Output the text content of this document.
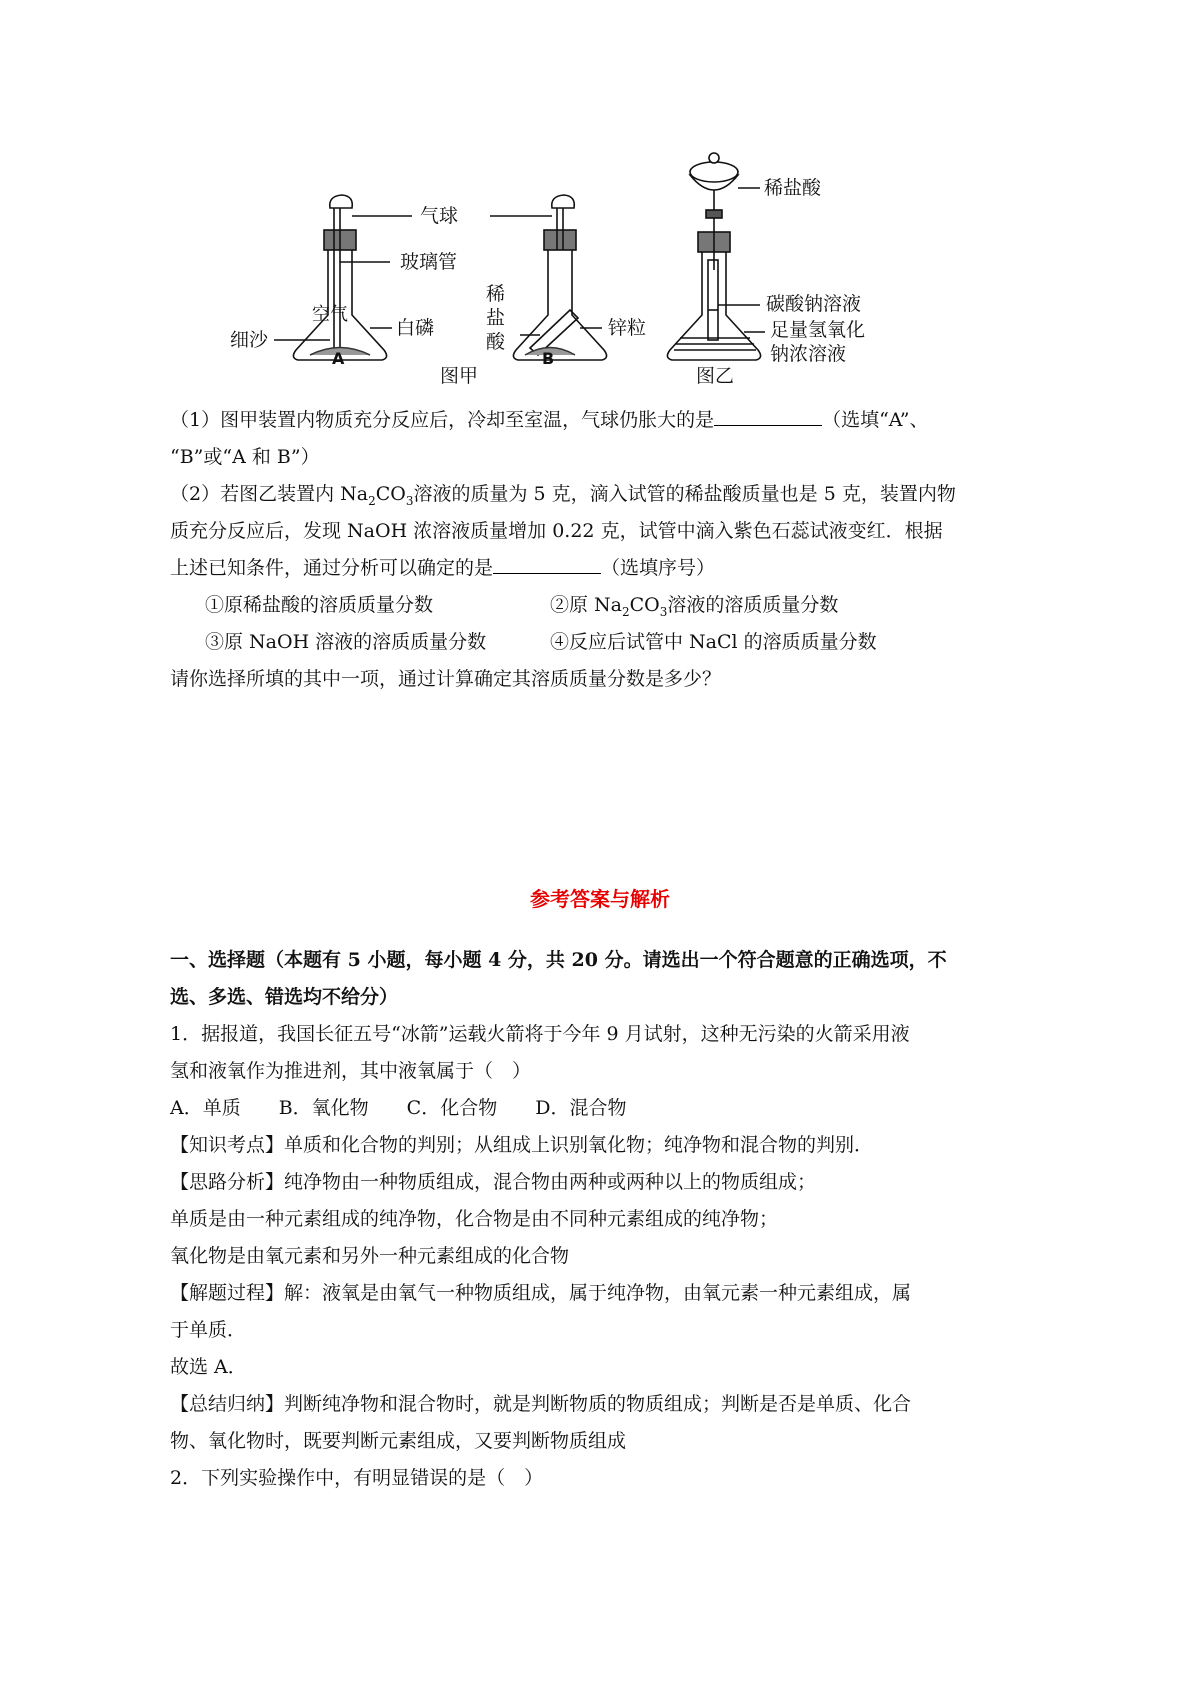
气球
玻璃管
空气
白磷
细沙
A
稀
盐
酸
锌粒
B
图甲
稀盐酸
碳酸钠溶液
足量氢氧化
钠浓溶液
图乙
（1）图甲装置内物质充分反应后，冷却至室温，气球仍胀大的是	（选填“A”、
“B”或“A 和 B”）
（2）若图乙装置内 $Na_2CO_3$溶液的质量为 5 克，滴入试管的稀盐酸质量也是 5 克，装置内物
质充分反应后，发现 NaOH 浓溶液质量增加 0.22 克，试管中滴入紫色石蕊试液变红．根据
上述已知条件，通过分析可以确定的是	（选填序号）
①原稀盐酸的溶质质量分数	②原 $Na_2CO_3$溶液的溶质质量分数
③原 NaOH 溶液的溶质质量分数	④反应后试管中 NaCl 的溶质质量分数
请你选择所填的其中一项，通过计算确定其溶质质量分数是多少？
参考答案与解析
一、选择题（本题有 5 小题，每小题 4 分，共 20 分。请选出一个符合题意的正确选项，不
选、多选、错选均不给分）
1．据报道，我国长征五号“冰箭”运载火箭将于今年 9 月试射，这种无污染的火箭采用液
氢和液氧作为推进剂，其中液氧属于（　）
A．单质　　B．氧化物　　C．化合物　　D．混合物
【知识考点】单质和化合物的判别；从组成上识别氧化物；纯净物和混合物的判别．
【思路分析】纯净物由一种物质组成，混合物由两种或两种以上的物质组成；
单质是由一种元素组成的纯净物，化合物是由不同种元素组成的纯净物；
氧化物是由氧元素和另外一种元素组成的化合物
【解题过程】解：液氧是由氧气一种物质组成，属于纯净物，由氧元素一种元素组成，属
于单质．
故选 A．
【总结归纳】判断纯净物和混合物时，就是判断物质的物质组成；判断是否是单质、化合
物、氧化物时，既要判断元素组成，又要判断物质组成
2．下列实验操作中，有明显错误的是（　）
